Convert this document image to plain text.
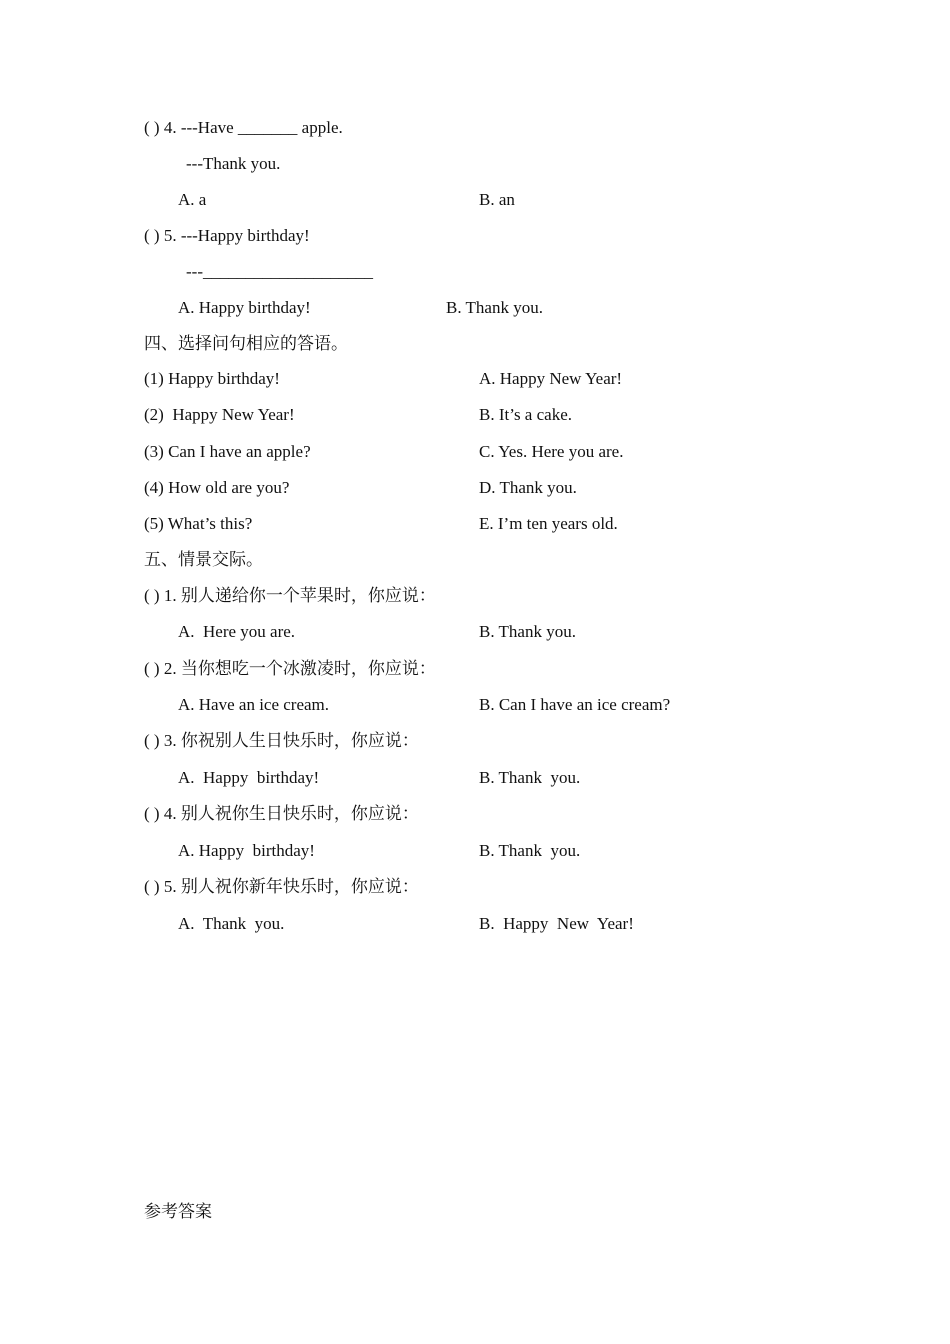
( ) 4. ---Have _______ apple.
---Thank you.
A. a	B. an
( ) 5. ---Happy birthday!
---____________________
A. Happy birthday!	B. Thank you.
四、选择问句相应的答语。
(1) Happy birthday!	A. Happy New Year!
(2)  Happy New Year!	B. It’s a cake.
(3) Can I have an apple?	C. Yes. Here you are.
(4) How old are you?	D. Thank you.
(5) What’s this?	E. I’m ten years old.
五、情景交际。
( ) 1. 别人递给你一个苹果时，你应说：
A.  Here you are.	B. Thank you.
( ) 2. 当你想吃一个冰激凌时，你应说：
A. Have an ice cream.	B. Can I have an ice cream?
( ) 3. 你祝别人生日快乐时，你应说：
A.  Happy  birthday!	B. Thank  you.
( ) 4. 别人祝你生日快乐时，你应说：
A. Happy  birthday!	B. Thank  you.
( ) 5. 别人祝你新年快乐时，你应说：
A.  Thank  you.	B.  Happy  New  Year!
参考答案
